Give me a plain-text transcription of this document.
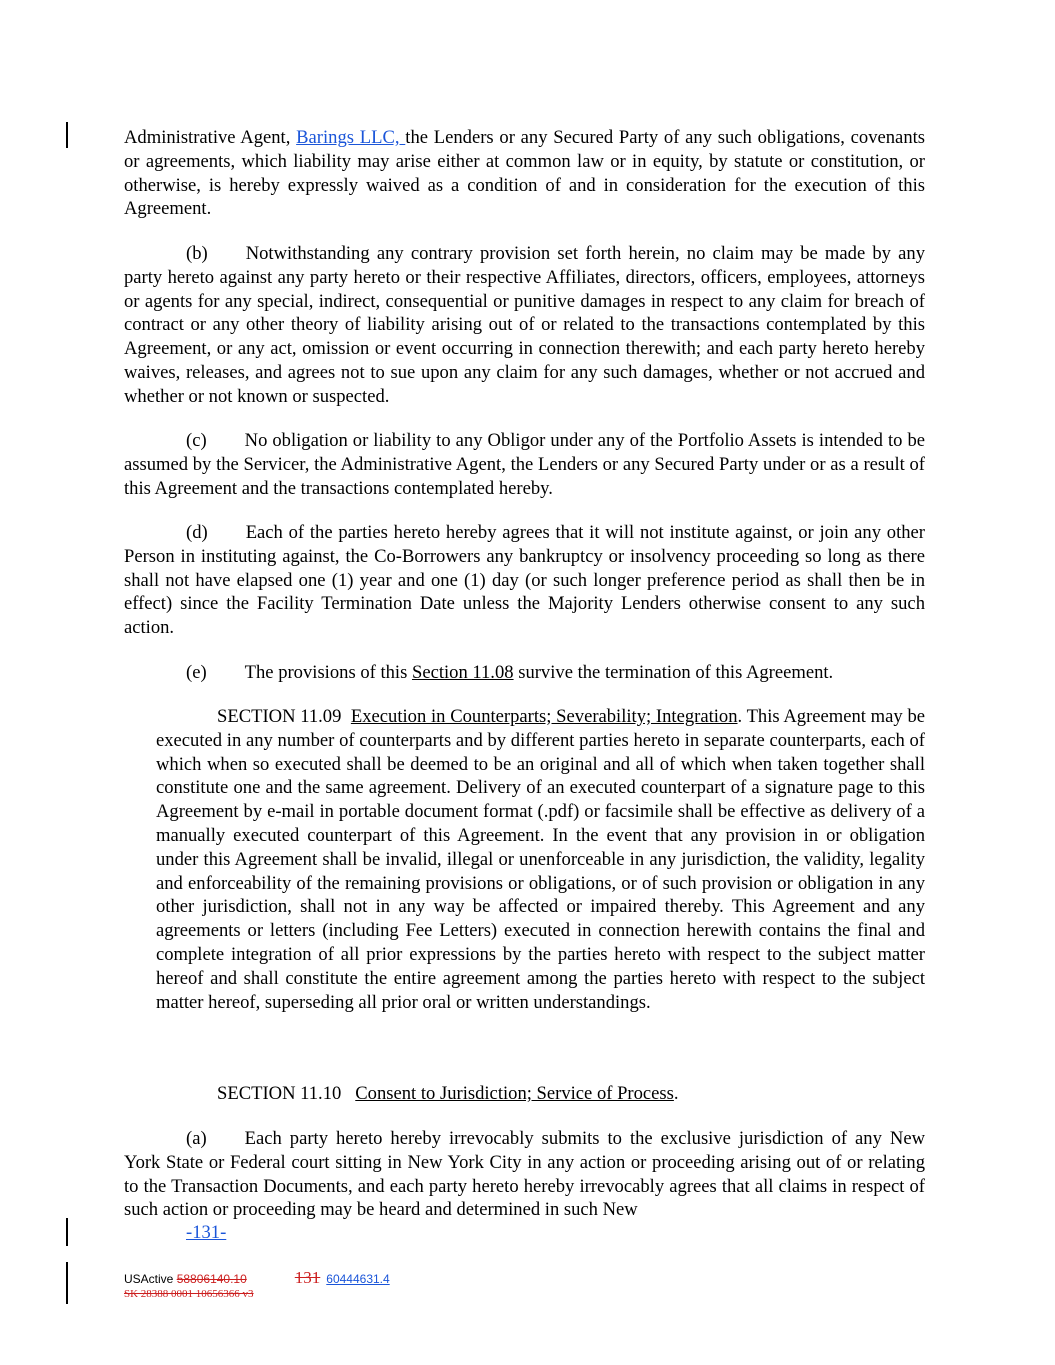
Administrative Agent, Barings LLC, the Lenders or any Secured Party of any such obligations, covenants or agreements, which liability may arise either at common law or in equity, by statute or constitution, or otherwise, is hereby expressly waived as a condition of and in consideration for the execution of this Agreement.

(b) Notwithstanding any contrary provision set forth herein, no claim may be made by any party hereto against any party hereto or their respective Affiliates, directors, officers, employees, attorneys or agents for any special, indirect, consequential or punitive damages in respect to any claim for breach of contract or any other theory of liability arising out of or related to the transactions contemplated by this Agreement, or any act, omission or event occurring in connection therewith; and each party hereto hereby waives, releases, and agrees not to sue upon any claim for any such damages, whether or not accrued and whether or not known or suspected.

(c) No obligation or liability to any Obligor under any of the Portfolio Assets is intended to be assumed by the Servicer, the Administrative Agent, the Lenders or any Secured Party under or as a result of this Agreement and the transactions contemplated hereby.

(d) Each of the parties hereto hereby agrees that it will not institute against, or join any other Person in instituting against, the Co-Borrowers any bankruptcy or insolvency proceeding so long as there shall not have elapsed one (1) year and one (1) day (or such longer preference period as shall then be in effect) since the Facility Termination Date unless the Majority Lenders otherwise consent to any such action.

(e) The provisions of this Section 11.08 survive the termination of this Agreement.

SECTION 11.09 Execution in Counterparts; Severability; Integration. This Agreement may be executed in any number of counterparts and by different parties hereto in separate counterparts, each of which when so executed shall be deemed to be an original and all of which when taken together shall constitute one and the same agreement. Delivery of an executed counterpart of a signature page to this Agreement by e-mail in portable document format (.pdf) or facsimile shall be effective as delivery of a manually executed counterpart of this Agreement. In the event that any provision in or obligation under this Agreement shall be invalid, illegal or unenforceable in any jurisdiction, the validity, legality and enforceability of the remaining provisions or obligations, or of such provision or obligation in any other jurisdiction, shall not in any way be affected or impaired thereby. This Agreement and any agreements or letters (including Fee Letters) executed in connection herewith contains the final and complete integration of all prior expressions by the parties hereto with respect to the subject matter hereof and shall constitute the entire agreement among the parties hereto with respect to the subject matter hereof, superseding all prior oral or written understandings.

SECTION 11.10 Consent to Jurisdiction; Service of Process.

(a) Each party hereto hereby irrevocably submits to the exclusive jurisdiction of any New York State or Federal court sitting in New York City in any action or proceeding arising out of or relating to the Transaction Documents, and each party hereto hereby irrevocably agrees that all claims in respect of such action or proceeding may be heard and determined in such New

-131-
USActive 58806140.10	131 60444631.4
SK 28388 0001 10656366 v3
